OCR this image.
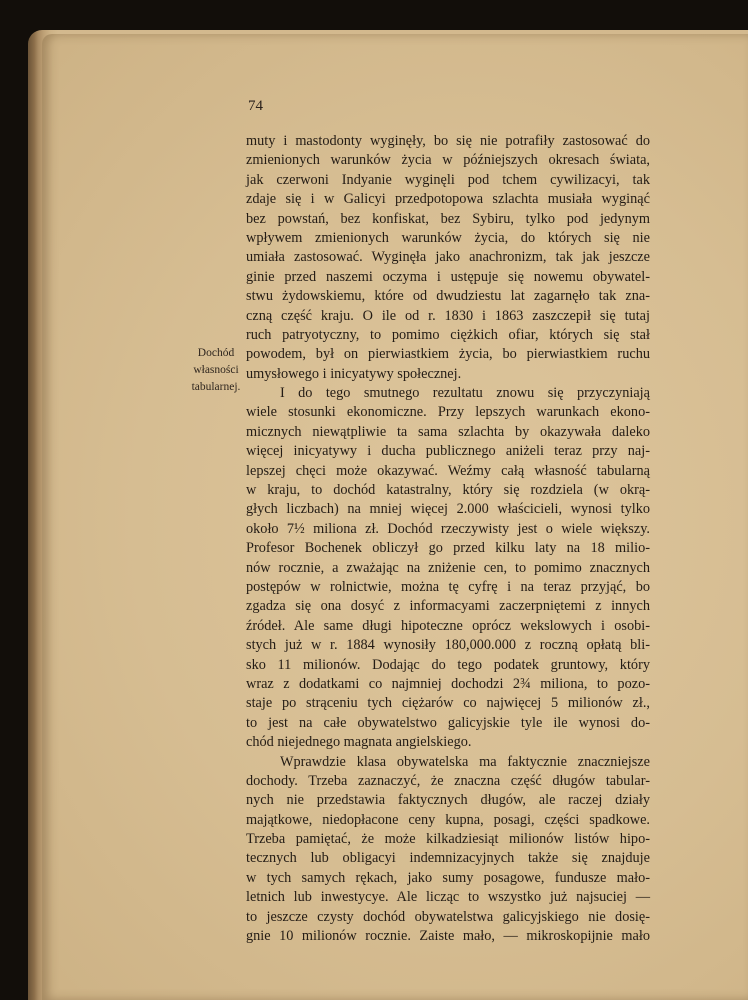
74
Dochód
własności
tabularnej.
muty i mastodonty wyginęły, bo się nie potrafiły zastosować do
zmienionych warunków życia w późniejszych okresach świata,
jak czerwoni Indyanie wyginęli pod tchem cywilizacyi, tak
zdaje się i w Galicyi przedpotopowa szlachta musiała wyginąć
bez powstań, bez konfiskat, bez Sybiru, tylko pod jedynym
wpływem zmienionych warunków życia, do których się nie
umiała zastosować. Wyginęła jako anachronizm, tak jak jeszcze
ginie przed naszemi oczyma i ustępuje się nowemu obywatel-
stwu żydowskiemu, które od dwudziestu lat zagarnęło tak zna-
czną część kraju. O ile od r. 1830 i 1863 zaszczepił się tutaj
ruch patryotyczny, to pomimo ciężkich ofiar, których się stał
powodem, był on pierwiastkiem życia, bo pierwiastkiem ruchu
umysłowego i inicyatywy społecznej.
I do tego smutnego rezultatu znowu się przyczyniają
wiele stosunki ekonomiczne. Przy lepszych warunkach ekono-
micznych niewątpliwie ta sama szlachta by okazywała daleko
więcej inicyatywy i ducha publicznego aniżeli teraz przy naj-
lepszej chęci może okazywać. Weźmy całą własność tabularną
w kraju, to dochód katastralny, który się rozdziela (w okrą-
głych liczbach) na mniej więcej 2.000 właścicieli, wynosi tylko
około 7½ miliona zł. Dochód rzeczywisty jest o wiele większy.
Profesor Bochenek obliczył go przed kilku laty na 18 milio-
nów rocznie, a zważając na zniżenie cen, to pomimo znacznych
postępów w rolnictwie, można tę cyfrę i na teraz przyjąć, bo
zgadza się ona dosyć z informacyami zaczerpniętemi z innych
źródeł. Ale same długi hipoteczne oprócz wekslowych i osobi-
stych już w r. 1884 wynosiły 180,000.000 z roczną opłatą bli-
sko 11 milionów. Dodając do tego podatek gruntowy, który
wraz z dodatkami co najmniej dochodzi 2¾ miliona, to pozo-
staje po strąceniu tych ciężarów co najwięcej 5 milionów zł.,
to jest na całe obywatelstwo galicyjskie tyle ile wynosi do-
chód niejednego magnata angielskiego.
Wprawdzie klasa obywatelska ma faktycznie znaczniejsze
dochody. Trzeba zaznaczyć, że znaczna część długów tabular-
nych nie przedstawia faktycznych długów, ale raczej działy
majątkowe, niedopłacone ceny kupna, posagi, części spadkowe.
Trzeba pamiętać, że może kilkadziesiąt milionów listów hipo-
tecznych lub obligacyi indemnizacyjnych także się znajduje
w tych samych rękach, jako sumy posagowe, fundusze mało-
letnich lub inwestycye. Ale licząc to wszystko już najsuciej —
to jeszcze czysty dochód obywatelstwa galicyjskiego nie dosię-
gnie 10 milionów rocznie. Zaiste mało, — mikroskopijnie mało
